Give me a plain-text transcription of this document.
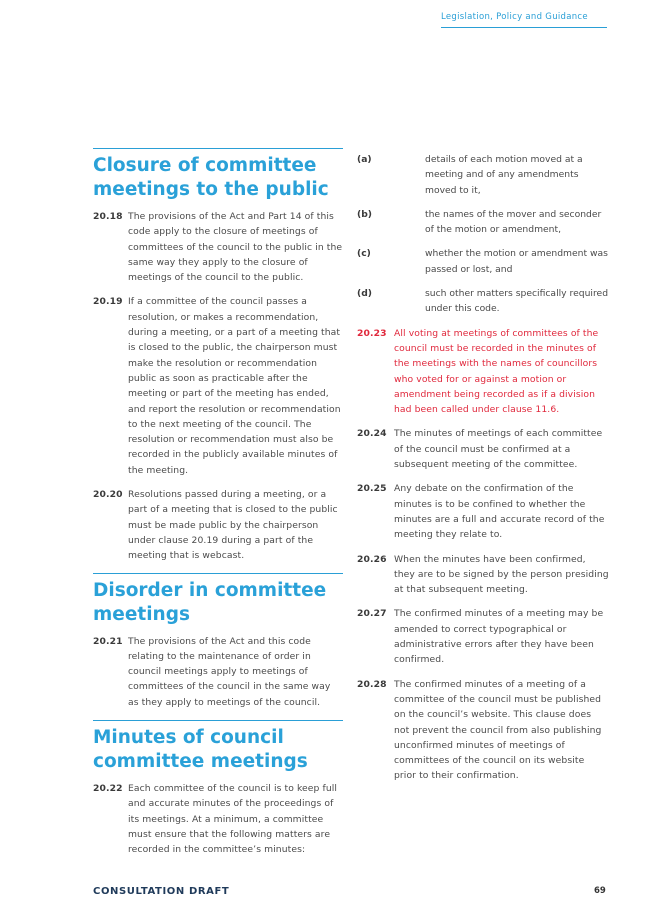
Legislation, Policy and Guidance
Closure of committee meetings to the public
20.18 The provisions of the Act and Part 14 of this code apply to the closure of meetings of committees of the council to the public in the same way they apply to the closure of meetings of the council to the public.
20.19 If a committee of the council passes a resolution, or makes a recommendation, during a meeting, or a part of a meeting that is closed to the public, the chairperson must make the resolution or recommendation public as soon as practicable after the meeting or part of the meeting has ended, and report the resolution or recommendation to the next meeting of the council. The resolution or recommendation must also be recorded in the publicly available minutes of the meeting.
20.20 Resolutions passed during a meeting, or a part of a meeting that is closed to the public must be made public by the chairperson under clause 20.19 during a part of the meeting that is webcast.
Disorder in committee meetings
20.21 The provisions of the Act and this code relating to the maintenance of order in council meetings apply to meetings of committees of the council in the same way as they apply to meetings of the council.
Minutes of council committee meetings
20.22 Each committee of the council is to keep full and accurate minutes of the proceedings of its meetings. At a minimum, a committee must ensure that the following matters are recorded in the committee’s minutes:
(a)	details of each motion moved at a meeting and of any amendments moved to it,
(b)	the names of the mover and seconder of the motion or amendment,
(c)	whether the motion or amendment was passed or lost, and
(d)	such other matters specifically required under this code.
20.23 All voting at meetings of committees of the council must be recorded in the minutes of the meetings with the names of councillors who voted for or against a motion or amendment being recorded as if a division had been called under clause 11.6.
20.24 The minutes of meetings of each committee of the council must be confirmed at a subsequent meeting of the committee.
20.25 Any debate on the confirmation of the minutes is to be confined to whether the minutes are a full and accurate record of the meeting they relate to.
20.26 When the minutes have been confirmed, they are to be signed by the person presiding at that subsequent meeting.
20.27 The confirmed minutes of a meeting may be amended to correct typographical or administrative errors after they have been confirmed.
20.28 The confirmed minutes of a meeting of a committee of the council must be published on the council’s website. This clause does not prevent the council from also publishing unconfirmed minutes of meetings of committees of the council on its website prior to their confirmation.
CONSULTATION DRAFT	69
